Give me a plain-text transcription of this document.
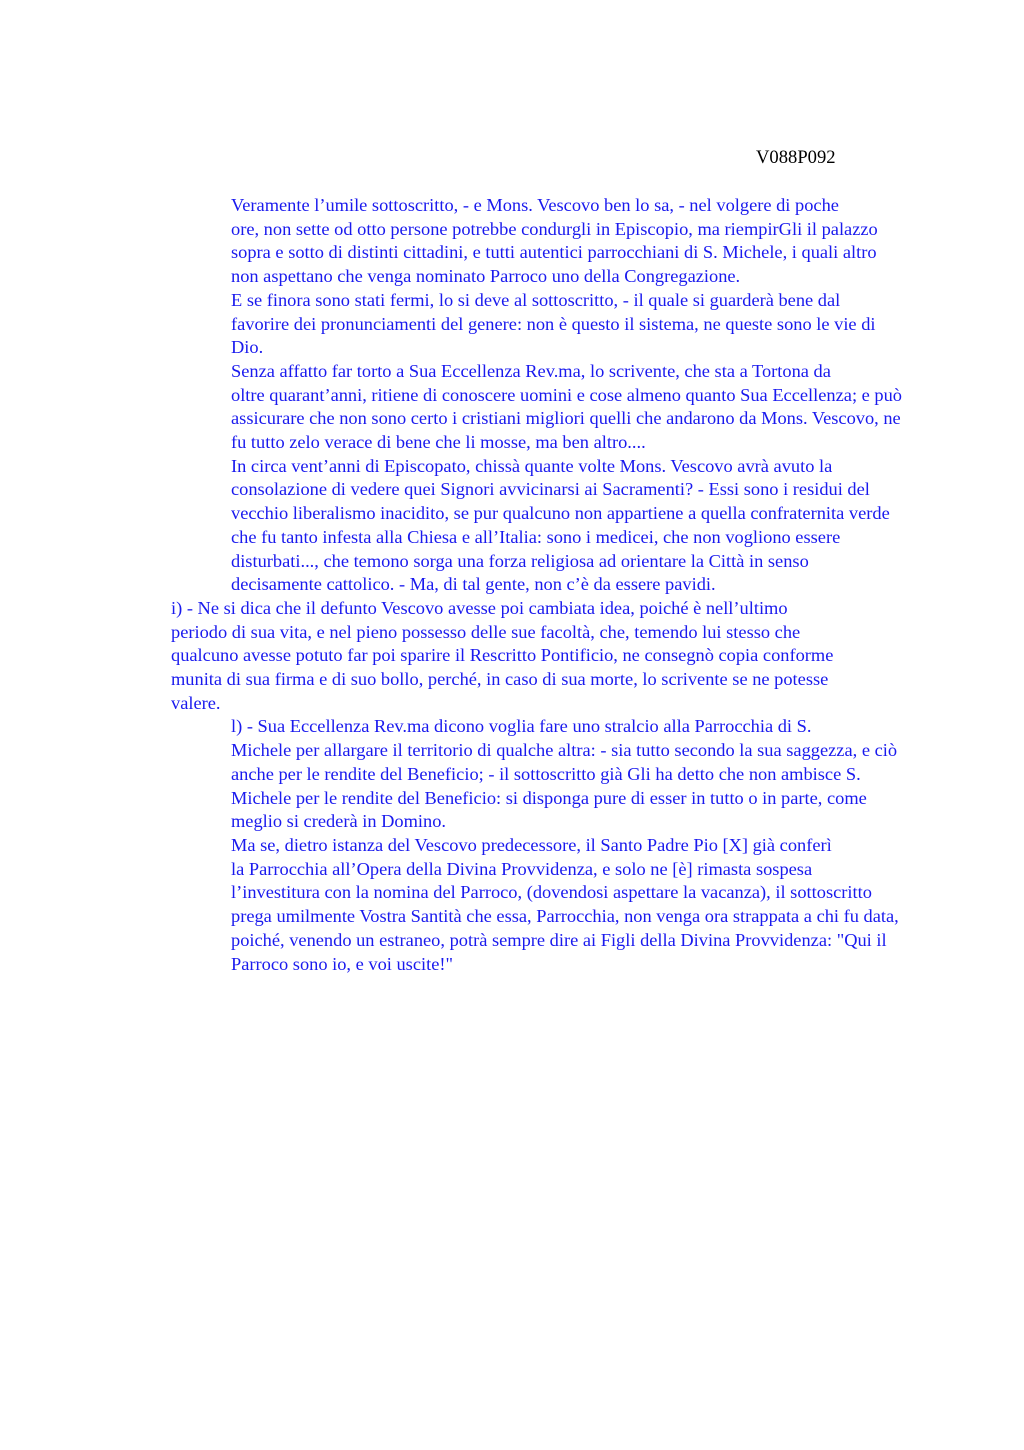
V088P092

Veramente l’umile sottoscritto, - e Mons. Vescovo ben lo sa, - nel volgere di poche
ore, non sette od otto persone potrebbe condurgli in Episcopio, ma riempirGli il palazzo
sopra e sotto di distinti cittadini, e tutti autentici parrocchiani di S. Michele, i quali altro
non aspettano che venga nominato Parroco uno della Congregazione.

E se finora sono stati fermi, lo si deve al sottoscritto, - il quale si guarderà bene dal
favorire dei pronunciamenti del genere: non è questo il sistema, ne queste sono le vie di
Dio.

Senza affatto far torto a Sua Eccellenza Rev.ma, lo scrivente, che sta a Tortona da
oltre quarant’anni, ritiene di conoscere uomini e cose almeno quanto Sua Eccellenza; e può
assicurare che non sono certo i cristiani migliori quelli che andarono da Mons. Vescovo, ne
fu tutto zelo verace di bene che li mosse, ma ben altro....

In circa vent’anni di Episcopato, chissà quante volte Mons. Vescovo avrà avuto la
consolazione di vedere quei Signori avvicinarsi ai Sacramenti? - Essi sono i residui del
vecchio liberalismo inacidito, se pur qualcuno non appartiene a quella confraternita verde
che fu tanto infesta alla Chiesa e all’Italia: sono i medicei, che non vogliono essere
disturbati..., che temono sorga una forza religiosa ad orientare la Città in senso
decisamente cattolico. - Ma, di tal gente, non c’è da essere pavidi.

i) - Ne si dica che il defunto Vescovo avesse poi cambiata idea, poiché è nell’ultimo
periodo di sua vita, e nel pieno possesso delle sue facoltà, che, temendo lui stesso che
qualcuno avesse potuto far poi sparire il Rescritto Pontificio, ne consegnò copia conforme
munita di sua firma e di suo bollo, perché, in caso di sua morte, lo scrivente se ne potesse
valere.

l) - Sua Eccellenza Rev.ma dicono voglia fare uno stralcio alla Parrocchia di S.
Michele per allargare il territorio di qualche altra: - sia tutto secondo la sua saggezza, e ciò
anche per le rendite del Beneficio; - il sottoscritto già Gli ha detto che non ambisce S.
Michele per le rendite del Beneficio: si disponga pure di esser in tutto o in parte, come
meglio si crederà in Domino.

Ma se, dietro istanza del Vescovo predecessore, il Santo Padre Pio [X] già conferì
la Parrocchia all’Opera della Divina Provvidenza, e solo ne [è] rimasta sospesa
l’investitura con la nomina del Parroco, (dovendosi aspettare la vacanza), il sottoscritto
prega umilmente Vostra Santità che essa, Parrocchia, non venga ora strappata a chi fu data,
poiché, venendo un estraneo, potrà sempre dire ai Figli della Divina Provvidenza: "Qui il
Parroco sono io, e voi uscite!"
